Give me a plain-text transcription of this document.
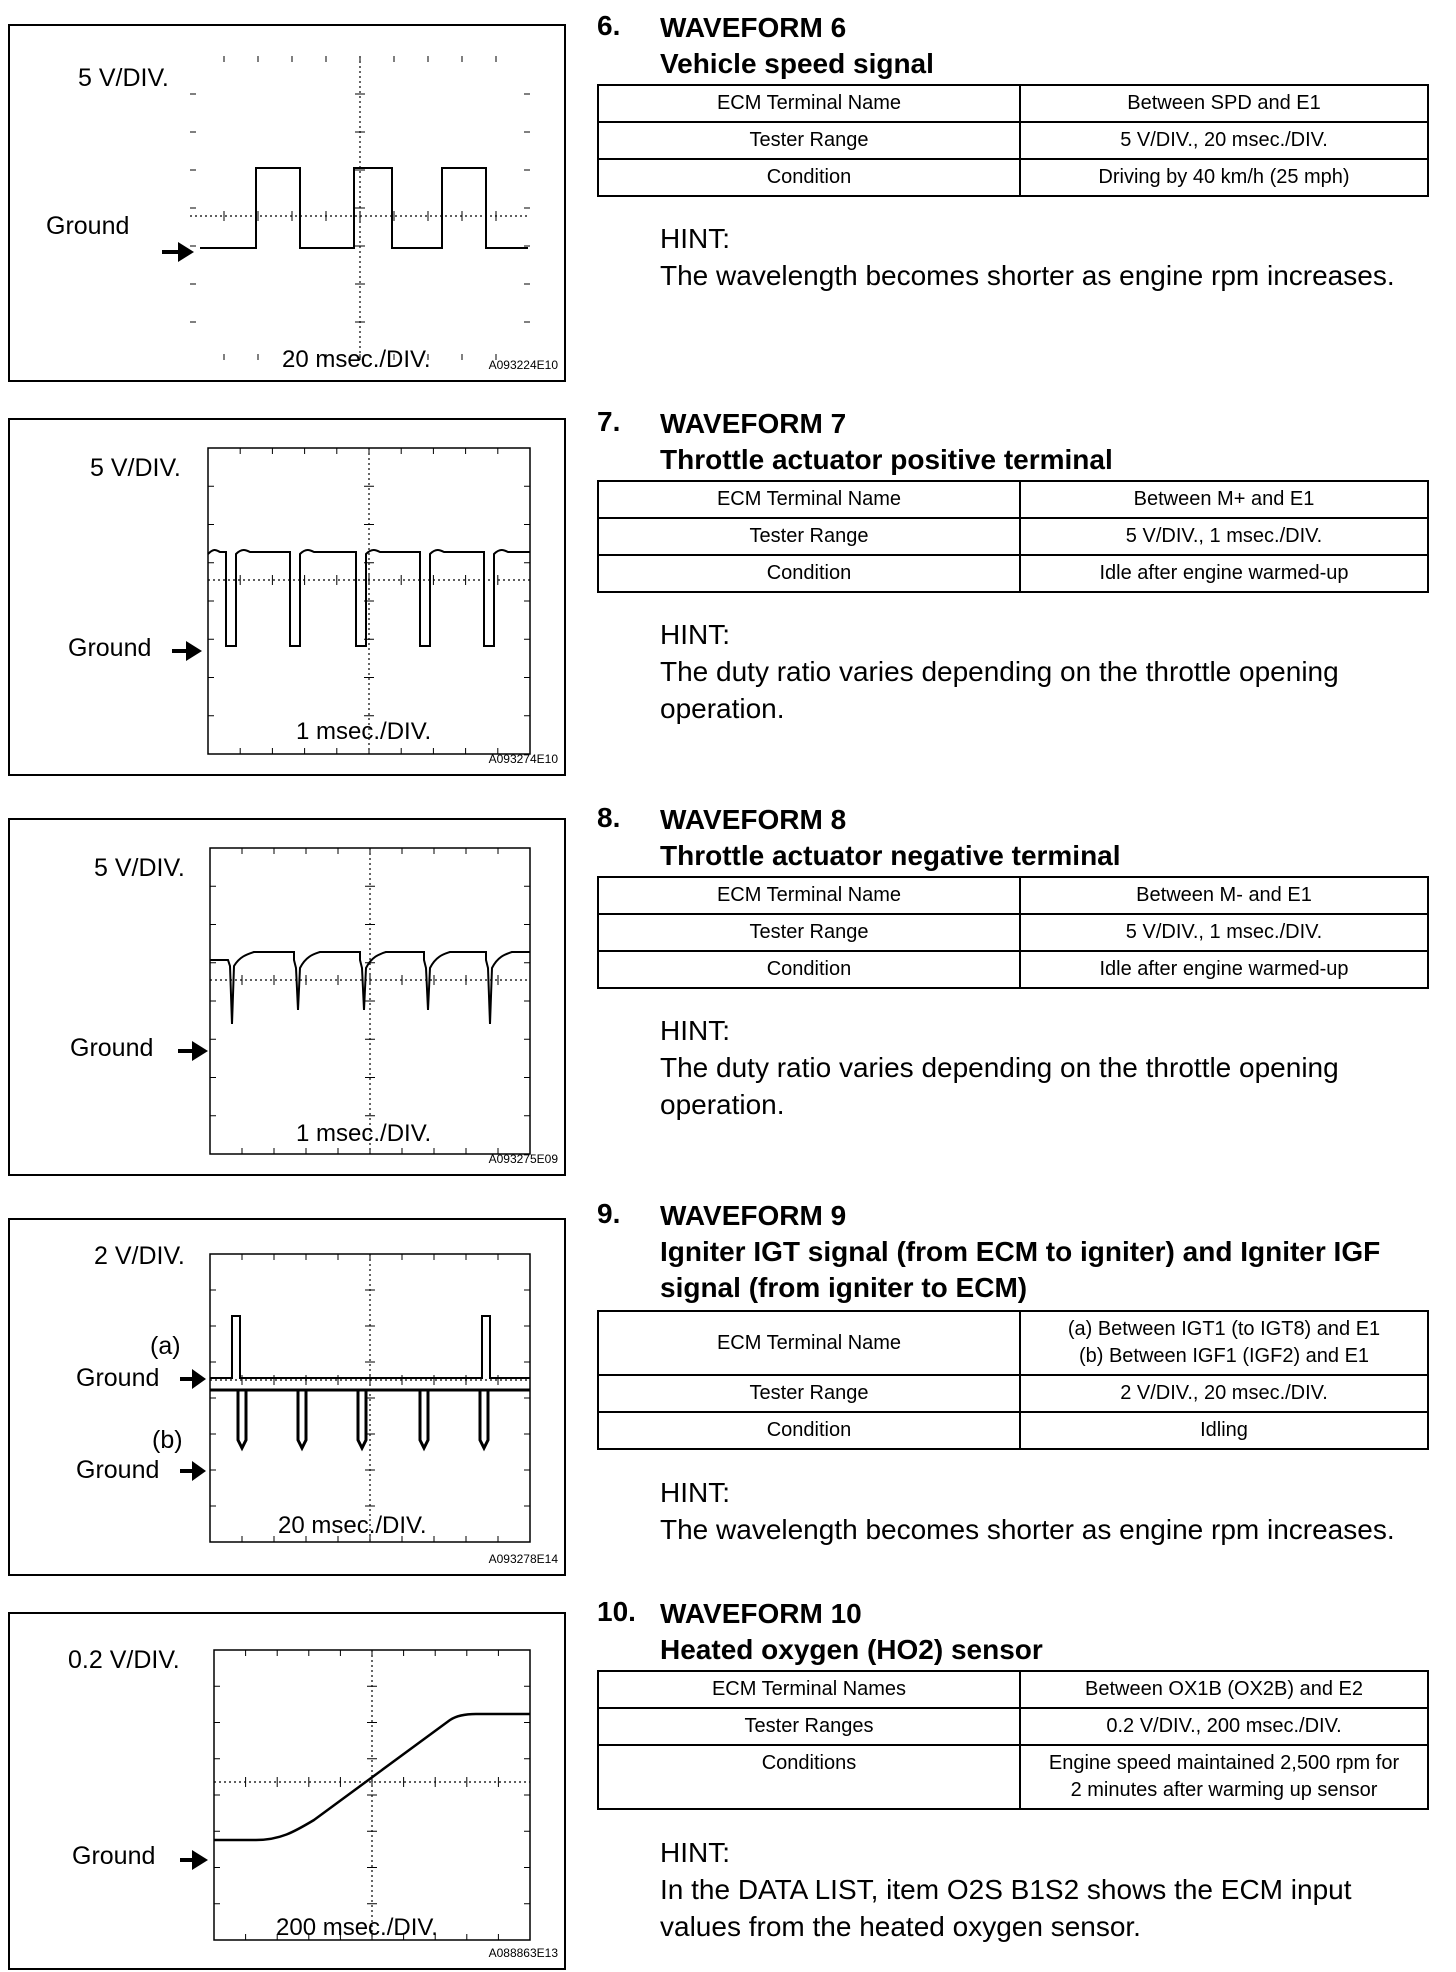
5 V/DIV.
Ground
20 msec./DIV.	A093224E10
5 V/DIV.
Ground
1 msec./DIV.
A093274E10
5 V/DIV.
Ground
1 msec./DIV.
A093275E09
2 V/DIV.
(a)
Ground
(b)
Ground
20 msec./DIV.
A093278E14
0.2 V/DIV.
Ground
200 msec./DIV.
A088863E13
6. WAVEFORM 6
Vehicle speed signal
ECM Terminal Name	Between SPD and E1
Tester Range	5 V/DIV., 20 msec./DIV.
Condition	Driving by 40 km/h (25 mph)
HINT:
The wavelength becomes shorter as engine rpm increases.
7. WAVEFORM 7
Throttle actuator positive terminal
ECM Terminal Name	Between M+ and E1
Tester Range	5 V/DIV., 1 msec./DIV.
Condition	Idle after engine warmed-up
HINT:
The duty ratio varies depending on the throttle opening operation.
8. WAVEFORM 8
Throttle actuator negative terminal
ECM Terminal Name	Between M- and E1
Tester Range	5 V/DIV., 1 msec./DIV.
Condition	Idle after engine warmed-up
HINT:
The duty ratio varies depending on the throttle opening operation.
9. WAVEFORM 9
Igniter IGT signal (from ECM to igniter) and Igniter IGF signal (from igniter to ECM)
ECM Terminal Name	(a) Between IGT1 (to IGT8) and E1
(b) Between IGF1 (IGF2) and E1

Tester Range	2 V/DIV., 20 msec./DIV.
Condition	Idling
HINT:
The wavelength becomes shorter as engine rpm increases.
10. WAVEFORM 10
Heated oxygen (HO2) sensor
ECM Terminal Names	Between OX1B (OX2B) and E2
Tester Ranges	0.2 V/DIV., 200 msec./DIV.
Conditions	Engine speed maintained 2,500 rpm for
2 minutes after warming up sensor
HINT:
In the DATA LIST, item O2S B1S2 shows the ECM input values from the heated oxygen sensor.
